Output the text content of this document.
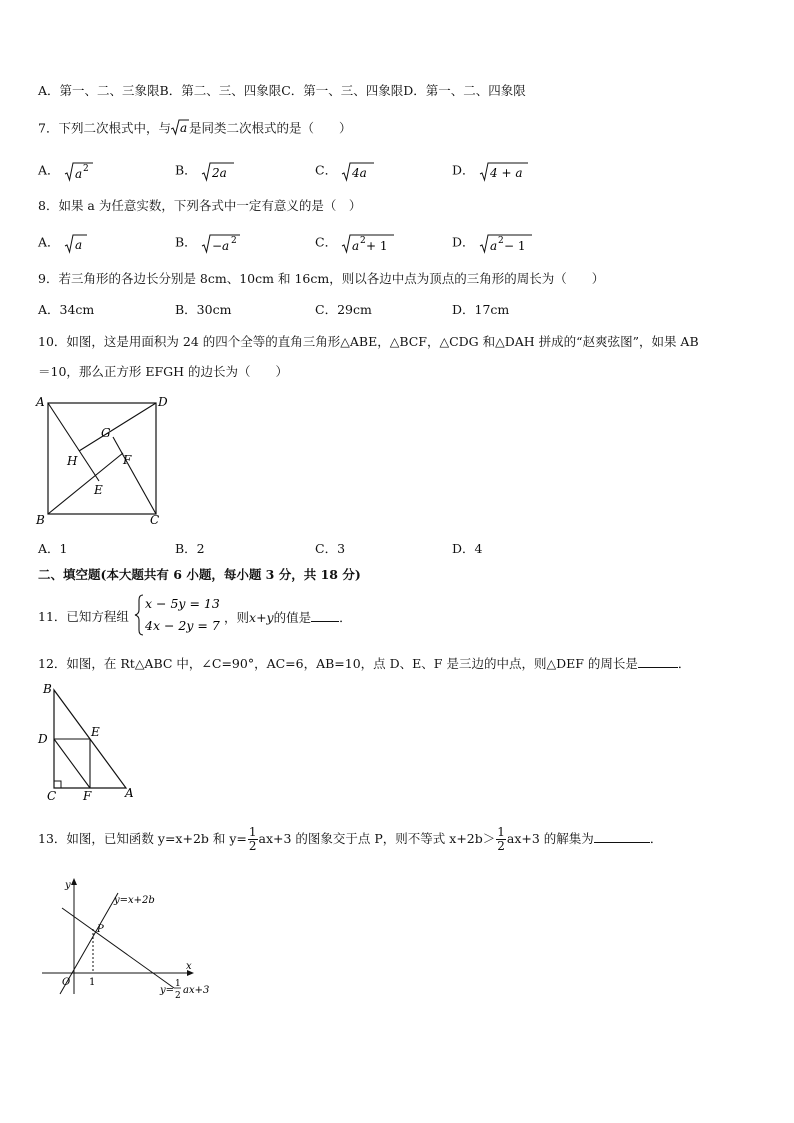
A．第一、二、三象限B．第二、三、四象限C．第一、三、四象限D．第一、二、四象限
7．下列二次根式中，与 a 是同类二次根式的是（　　）
A． a 2	B． 2a	C． 4a	D． 4 + a
8．如果 a 为任意实数，下列各式中一定有意义的是（　）
A． a	B． −a 2	C． a 2 + 1	D． a 2 − 1
9．若三角形的各边长分别是 8cm、10cm 和 16cm，则以各边中点为顶点的三角形的周长为（　　）
A．34cm	B．30cm	C．29cm	D．17cm
10．如图，这是用面积为 24 的四个全等的直角三角形△ABE，△BCF，△CDG 和△DAH 拼成的“赵爽弦图”，如果 AB
＝10，那么正方形 EFGH 的边长为（　　）
A
B	C
D
E
F
G
H
A．1	B．2	C．3	D．4
二、填空题(本大题共有 6 小题，每小题 3 分，共 18 分)
11．已知方程组
x − 5y = 13
4x − 2y = 7
，则x+y的值是 ．
12．如图，在 Rt△ABC 中，∠C=90°，AC=6，AB=10，点 D、E、F 是三边的中点，则△DEF 的周长是	．
B
D	E
C F	A
13．如图，已知函数 y=x+2b 和 $y= \frac{1}{2} ax+3$ 的图象交于点 P，则不等式 $x+2b> \frac{1}{2} ax+3$ 的解集为	．
y
x
O 1
P
y=x+2b
y=
1
2 ax+3
